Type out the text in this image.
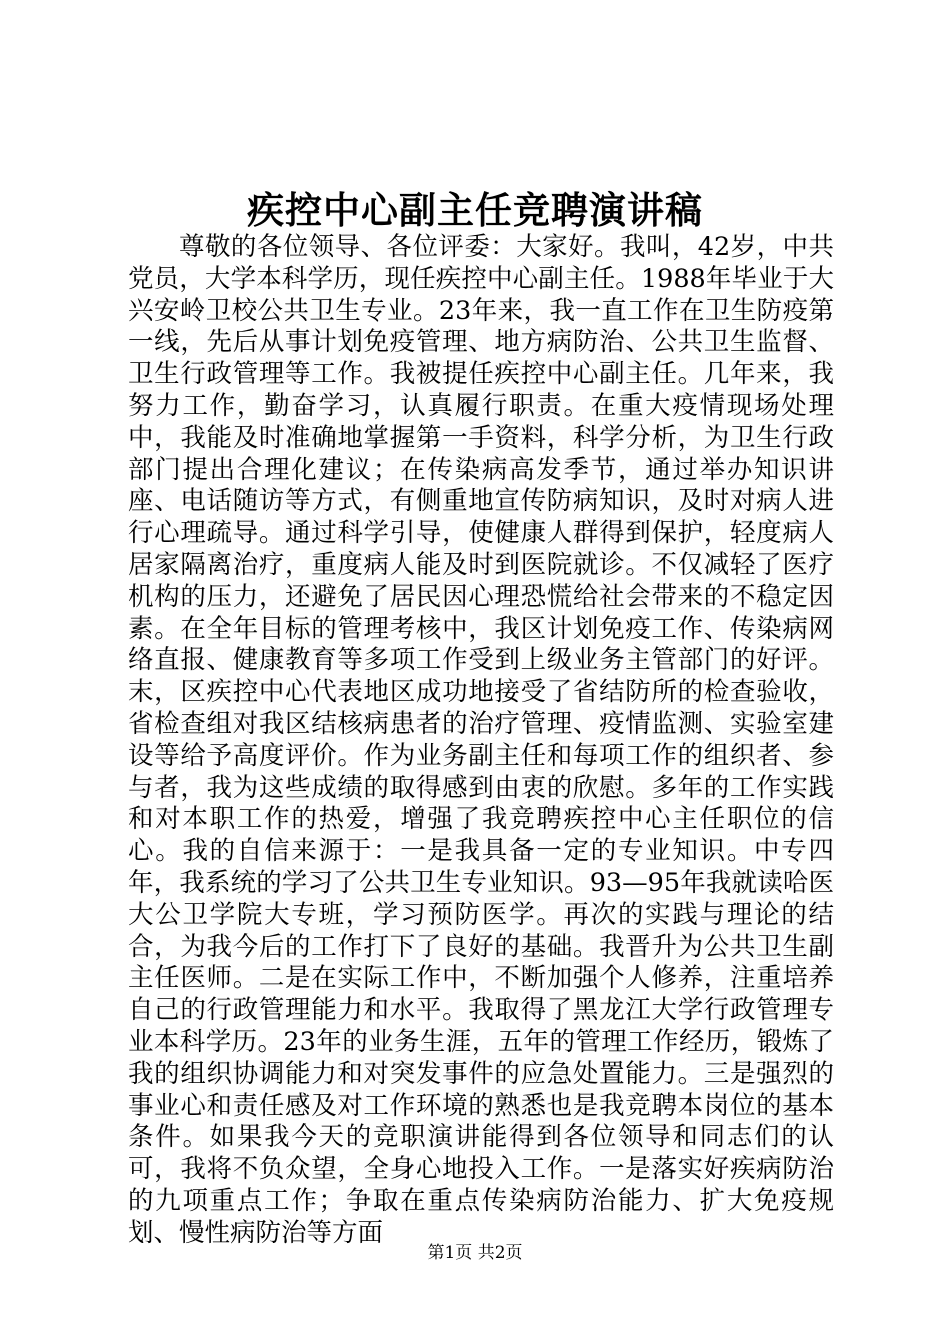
疾控中心副主任竞聘演讲稿

尊敬的各位领导、各位评委：大家好。我叫，42岁，中共党员，大学本科学历，现任疾控中心副主任。1988年毕业于大兴安岭卫校公共卫生专业。23年来，我一直工作在卫生防疫第一线，先后从事计划免疫管理、地方病防治、公共卫生监督、卫生行政管理等工作。我被提任疾控中心副主任。几年来，我努力工作，勤奋学习，认真履行职责。在重大疫情现场处理中，我能及时准确地掌握第一手资料，科学分析，为卫生行政部门提出合理化建议；在传染病高发季节，通过举办知识讲座、电话随访等方式，有侧重地宣传防病知识，及时对病人进行心理疏导。通过科学引导，使健康人群得到保护，轻度病人居家隔离治疗，重度病人能及时到医院就诊。不仅减轻了医疗机构的压力，还避免了居民因心理恐慌给社会带来的不稳定因素。在全年目标的管理考核中，我区计划免疫工作、传染病网络直报、健康教育等多项工作受到上级业务主管部门的好评。末，区疾控中心代表地区成功地接受了省结防所的检查验收，省检查组对我区结核病患者的治疗管理、疫情监测、实验室建设等给予高度评价。作为业务副主任和每项工作的组织者、参与者，我为这些成绩的取得感到由衷的欣慰。多年的工作实践和对本职工作的热爱，增强了我竞聘疾控中心主任职位的信心。我的自信来源于：一是我具备一定的专业知识。中专四年，我系统的学习了公共卫生专业知识。93—95年我就读哈医大公卫学院大专班，学习预防医学。再次的实践与理论的结合，为我今后的工作打下了良好的基础。我晋升为公共卫生副主任医师。二是在实际工作中，不断加强个人修养，注重培养自己的行政管理能力和水平。我取得了黑龙江大学行政管理专业本科学历。23年的业务生涯，五年的管理工作经历，锻炼了我的组织协调能力和对突发事件的应急处置能力。三是强烈的事业心和责任感及对工作环境的熟悉也是我竞聘本岗位的基本条件。如果我今天的竞职演讲能得到各位领导和同志们的认可，我将不负众望，全身心地投入工作。一是落实好疾病防治的九项重点工作；争取在重点传染病防治能力、扩大免疫规划、慢性病防治等方面

第1页 共2页
